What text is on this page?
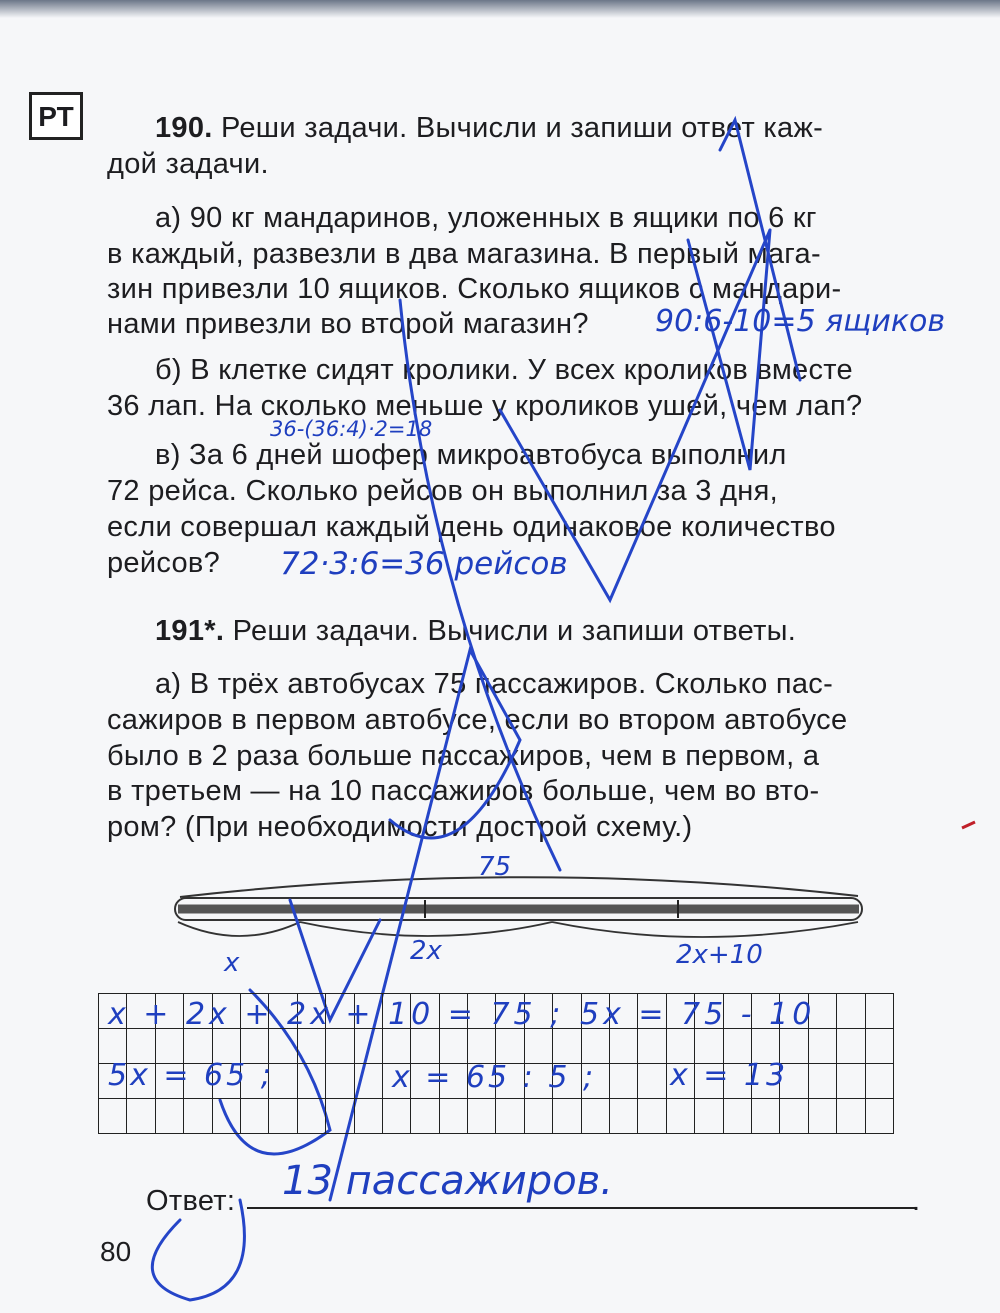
РТ	190. Реши задачи. Вычисли и запиши ответ каж-
дой задачи.
а) 90 кг мандаринов, уложенных в ящики по 6 кг
в каждый, развезли в два магазина. В первый мага-
зин привезли 10 ящиков. Сколько ящиков с мандари-
нами привезли во второй магазин?
б) В клетке сидят кролики. У всех кроликов вместе
36 лап. На сколько меньше у кроликов ушей, чем лап?
в) За 6 дней шофер микроавтобуса выполнил
72 рейса. Сколько рейсов он выполнил за 3 дня,
если совершал каждый день одинаковое количество
рейсов?
191*. Реши задачи. Вычисли и запиши ответы.
а) В трёх автобусах 75 пассажиров. Сколько пас-
сажиров в первом автобусе, если во втором автобусе
было в 2 раза больше пассажиров, чем в первом, а
в третьем — на 10 пассажиров больше, чем во вто-
ром? (При необходимости дострой схему.)
90:6-10=5 ящиков
36-(36:4)·2=18
72·3:6=36 рейсов
75
x	2x	2x+10

x + 2x + 2x + 10 = 75 ; 5x = 75 - 10
5x = 65 ;	x = 65 : 5 ; x = 13
Ответ:	.
13 пассажиров.
80
